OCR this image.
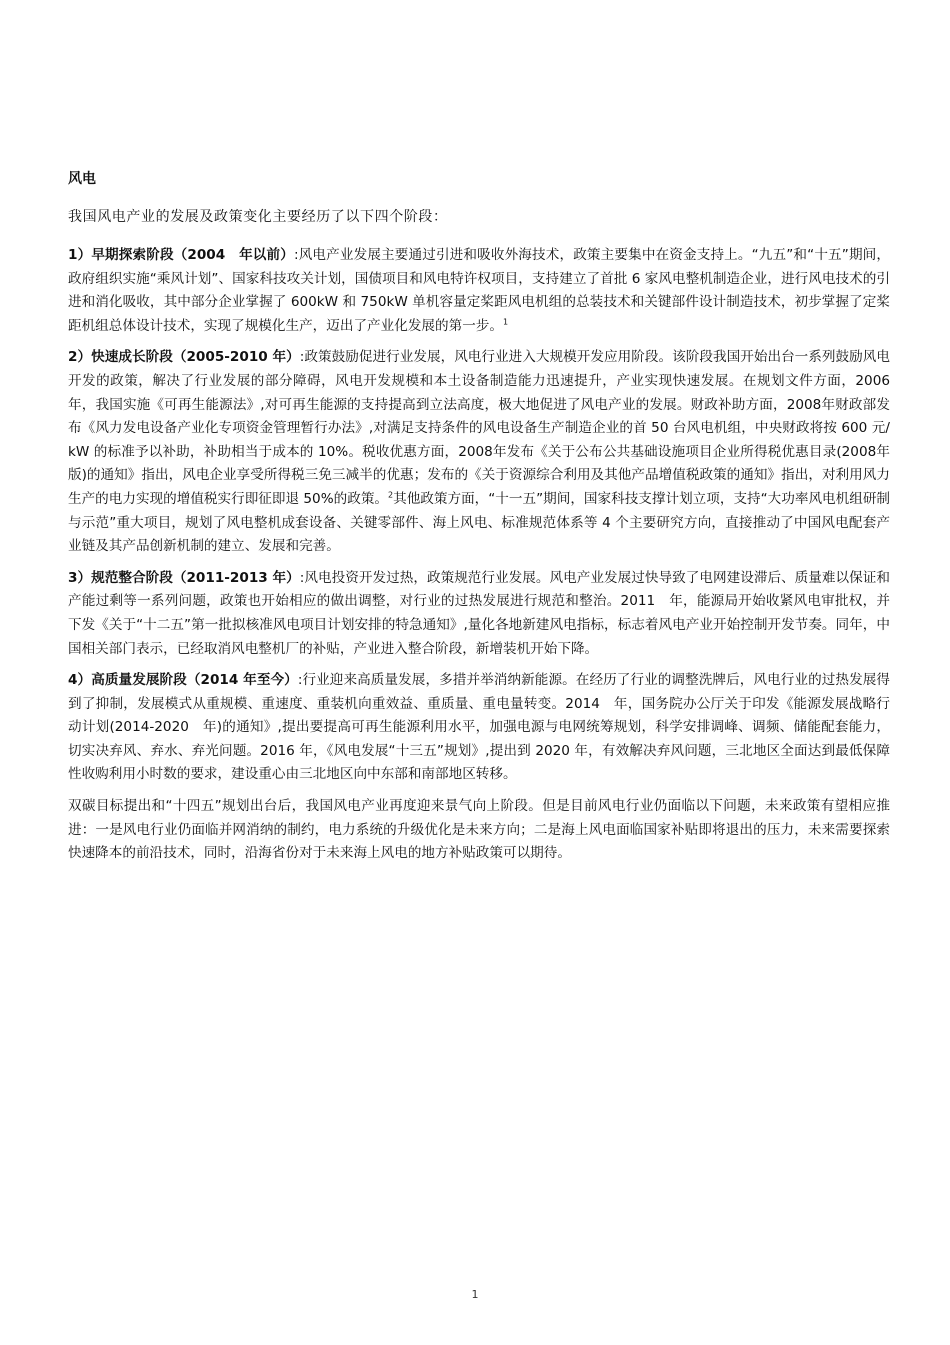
风电
我国风电产业的发展及政策变化主要经历了以下四个阶段：

1）早期探索阶段（2004　年以前）:风电产业发展主要通过引进和吸收外海技术，政策主要集中在资金支持上。“九五”和“十五”期间，政府组织实施“乘风计划”、国家科技攻关计划，国债项目和风电特许权项目，支持建立了首批 6 家风电整机制造企业，进行风电技术的引进和消化吸收，其中部分企业掌握了 600kW 和 750kW 单机容量定桨距风电机组的总装技术和关键部件设计制造技术，初步掌握了定桨距机组总体设计技术，实现了规模化生产，迈出了产业化发展的第一步。$^1$

2）快速成长阶段（2005-2010 年）:政策鼓励促进行业发展，风电行业进入大规模开发应用阶段。该阶段我国开始出台一系列鼓励风电开发的政策，解决了行业发展的部分障碍，风电开发规模和本土设备制造能力迅速提升，产业实现快速发展。在规划文件方面，2006年，我国实施《可再生能源法》,对可再生能源的支持提高到立法高度，极大地促进了风电产业的发展。财政补助方面，2008年财政部发布《风力发电设备产业化专项资金管理暂行办法》,对满足支持条件的风电设备生产制造企业的首 50 台风电机组，中央财政将按 600 元/kW 的标准予以补助，补助相当于成本的 10%。税收优惠方面，2008年发布《关于公布公共基础设施项目企业所得税优惠目录(2008年版)的通知》指出，风电企业享受所得税三免三减半的优惠；发布的《关于资源综合利用及其他产品增值税政策的通知》指出，对利用风力生产的电力实现的增值税实行即征即退 50%的政策。$^2$其他政策方面，“十一五”期间，国家科技支撑计划立项，支持“大功率风电机组研制与示范”重大项目，规划了风电整机成套设备、关键零部件、海上风电、标准规范体系等 4 个主要研究方向，直接推动了中国风电配套产业链及其产品创新机制的建立、发展和完善。

3）规范整合阶段（2011-2013 年）:风电投资开发过热，政策规范行业发展。风电产业发展过快导致了电网建设滞后、质量难以保证和产能过剩等一系列问题，政策也开始相应的做出调整，对行业的过热发展进行规范和整治。2011　年，能源局开始收紧风电审批权，并下发《关于“十二五”第一批拟核准风电项目计划安排的特急通知》,量化各地新建风电指标，标志着风电产业开始控制开发节奏。同年，中国相关部门表示，已经取消风电整机厂的补贴，产业进入整合阶段，新增装机开始下降。

4）高质量发展阶段（2014 年至今）:行业迎来高质量发展，多措并举消纳新能源。在经历了行业的调整洗牌后，风电行业的过热发展得到了抑制，发展模式从重规模、重速度、重装机向重效益、重质量、重电量转变。2014　年，国务院办公厅关于印发《能源发展战略行动计划(2014-2020　年)的通知》,提出要提高可再生能源利用水平，加强电源与电网统筹规划，科学安排调峰、调频、储能配套能力，切实决弃风、弃水、弃光问题。2016 年，《风电发展“十三五”规划》,提出到 2020 年，有效解决弃风问题，三北地区全面达到最低保障性收购利用小时数的要求，建设重心由三北地区向中东部和南部地区转移。

双碳目标提出和“十四五”规划出台后，我国风电产业再度迎来景气向上阶段。但是目前风电行业仍面临以下问题，未来政策有望相应推进：一是风电行业仍面临并网消纳的制约，电力系统的升级优化是未来方向；二是海上风电面临国家补贴即将退出的压力，未来需要探索快速降本的前沿技术，同时，沿海省份对于未来海上风电的地方补贴政策可以期待。

1
